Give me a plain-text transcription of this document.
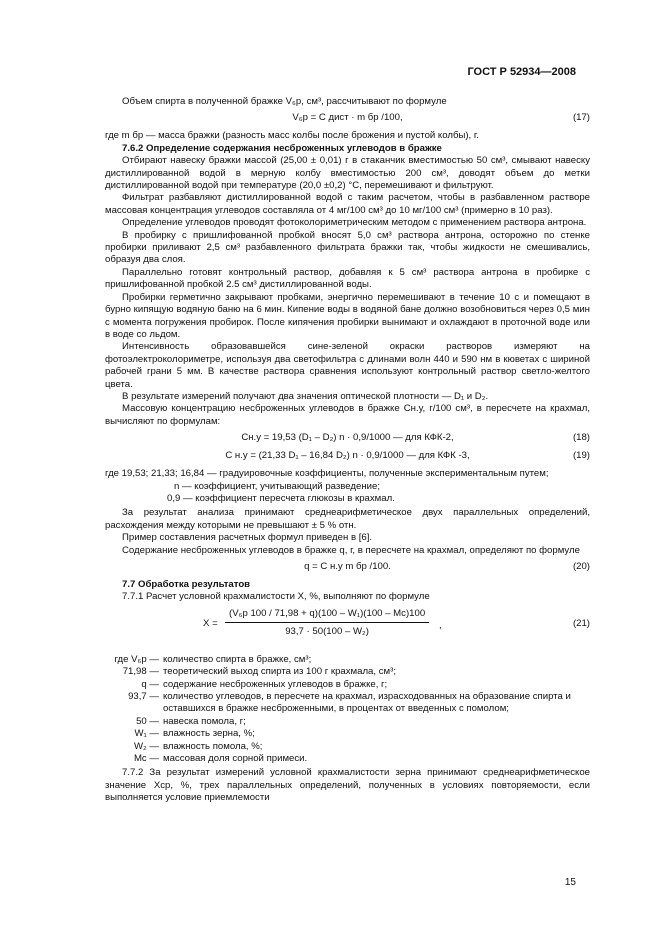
ГОСТ Р 52934—2008

Объем спирта в полученной бражке V₆р, см³, рассчитывают по формуле

V₆р = C дист · m бр /100,	(17)

где m бр — масса бражки (разность масс колбы после брожения и пустой колбы), г.

7.6.2 Определение содержания несброженных углеводов в бражке

Отбирают навеску бражки массой (25,00 ± 0,01) г в стаканчик вместимостью 50 см³, смывают навеску дистиллированной водой в мерную колбу вместимостью 200 см³, доводят объем до метки дистиллированной водой при температуре (20,0 ±0,2) °С, перемешивают и фильтруют.

Фильтрат разбавляют дистиллированной водой с таким расчетом, чтобы в разбавленном растворе массовая концентрация углеводов составляла от 4 мг/100 см³ до 10 мг/100 см³ (примерно в 10 раз).

Определение углеводов проводят фотоколориметрическим методом с применением раствора антрона.

В пробирку с пришлифованной пробкой вносят 5,0 см³ раствора антрона, осторожно по стенке пробирки приливают 2,5 см³ разбавленного фильтрата бражки так, чтобы жидкости не смешивались, образуя два слоя.

Параллельно готовят контрольный раствор, добавляя к 5 см³ раствора антрона в пробирке с пришлифованной пробкой 2.5 см³ дистиллированной воды.

Пробирки герметично закрывают пробками, энергично перемешивают в течение 10 с и помещают в бурно кипящую водяную баню на 6 мин. Кипение воды в водяной бане должно возобновиться через 0,5 мин с момента погружения пробирок. После кипячения пробирки вынимают и охлаждают в проточной воде или в воде со льдом.

Интенсивность образовавшейся сине-зеленой окраски растворов измеряют на фотоэлектроколориметре, используя два светофильтра с длинами волн 440 и 590 нм в кюветах с шириной рабочей грани 5 мм. В качестве раствора сравнения используют контрольный раствор светло-желтого цвета.

В результате измерений получают два значения оптической плотности — D₁ и D₂.

Массовую концентрацию несброженных углеводов в бражке Cн.у, г/100 см³, в пересчете на крахмал, вычисляют по формулам:

Cн.у = 19,53 (D₁ – D₂) n · 0,9/1000 — для КФК-2,	(18)
C н.у = (21,33 D₁ – 16,84 D₂) n · 0,9/1000 — для КФК -3,	(19)
где 19,53; 21,33; 16,84 — градуировочные коэффициенты, полученные экспериментальным путем;
n — коэффициент, учитывающий разведение;
0,9 — коэффициент пересчета глюкозы в крахмал.

За результат анализа принимают среднеарифметическое двух параллельных определений, расхождения между которыми не превышают ± 5 % отн.

Пример составления расчетных формул приведен в [6].

Содержание несброженных углеводов в бражке q, г, в пересчете на крахмал, определяют по формуле

q = C н.у m бр /100.	(20)

7.7 Обработка результатов

7.7.1 Расчет условной крахмалистости X, %, выполняют по формуле

X =
(V₆р 100 / 71,98 + q)(100 – W₁)(100 – Mс)100
93,7 · 50(100 – W₂)
,	(21)
где V₆р — количество спирта в бражке, см³;
71,98 — теоретический выход спирта из 100 г крахмала, см³;
q — содержание несброженных углеводов в бражке, г;
93,7 — количество углеводов, в пересчете на крахмал, израсходованных на образование спирта и оставшихся в бражке несброженными, в процентах от введенных с помолом;
50 — навеска помола, г;
W₁ — влажность зерна, %;
W₂ — влажность помола, %;
Mс — массовая доля сорной примеси.

7.7.2 За результат измерений условной крахмалистости зерна принимают среднеарифметическое значение Xср, %, трех параллельных определений, полученных в условиях повторяемости, если выполняется условие приемлемости

15
